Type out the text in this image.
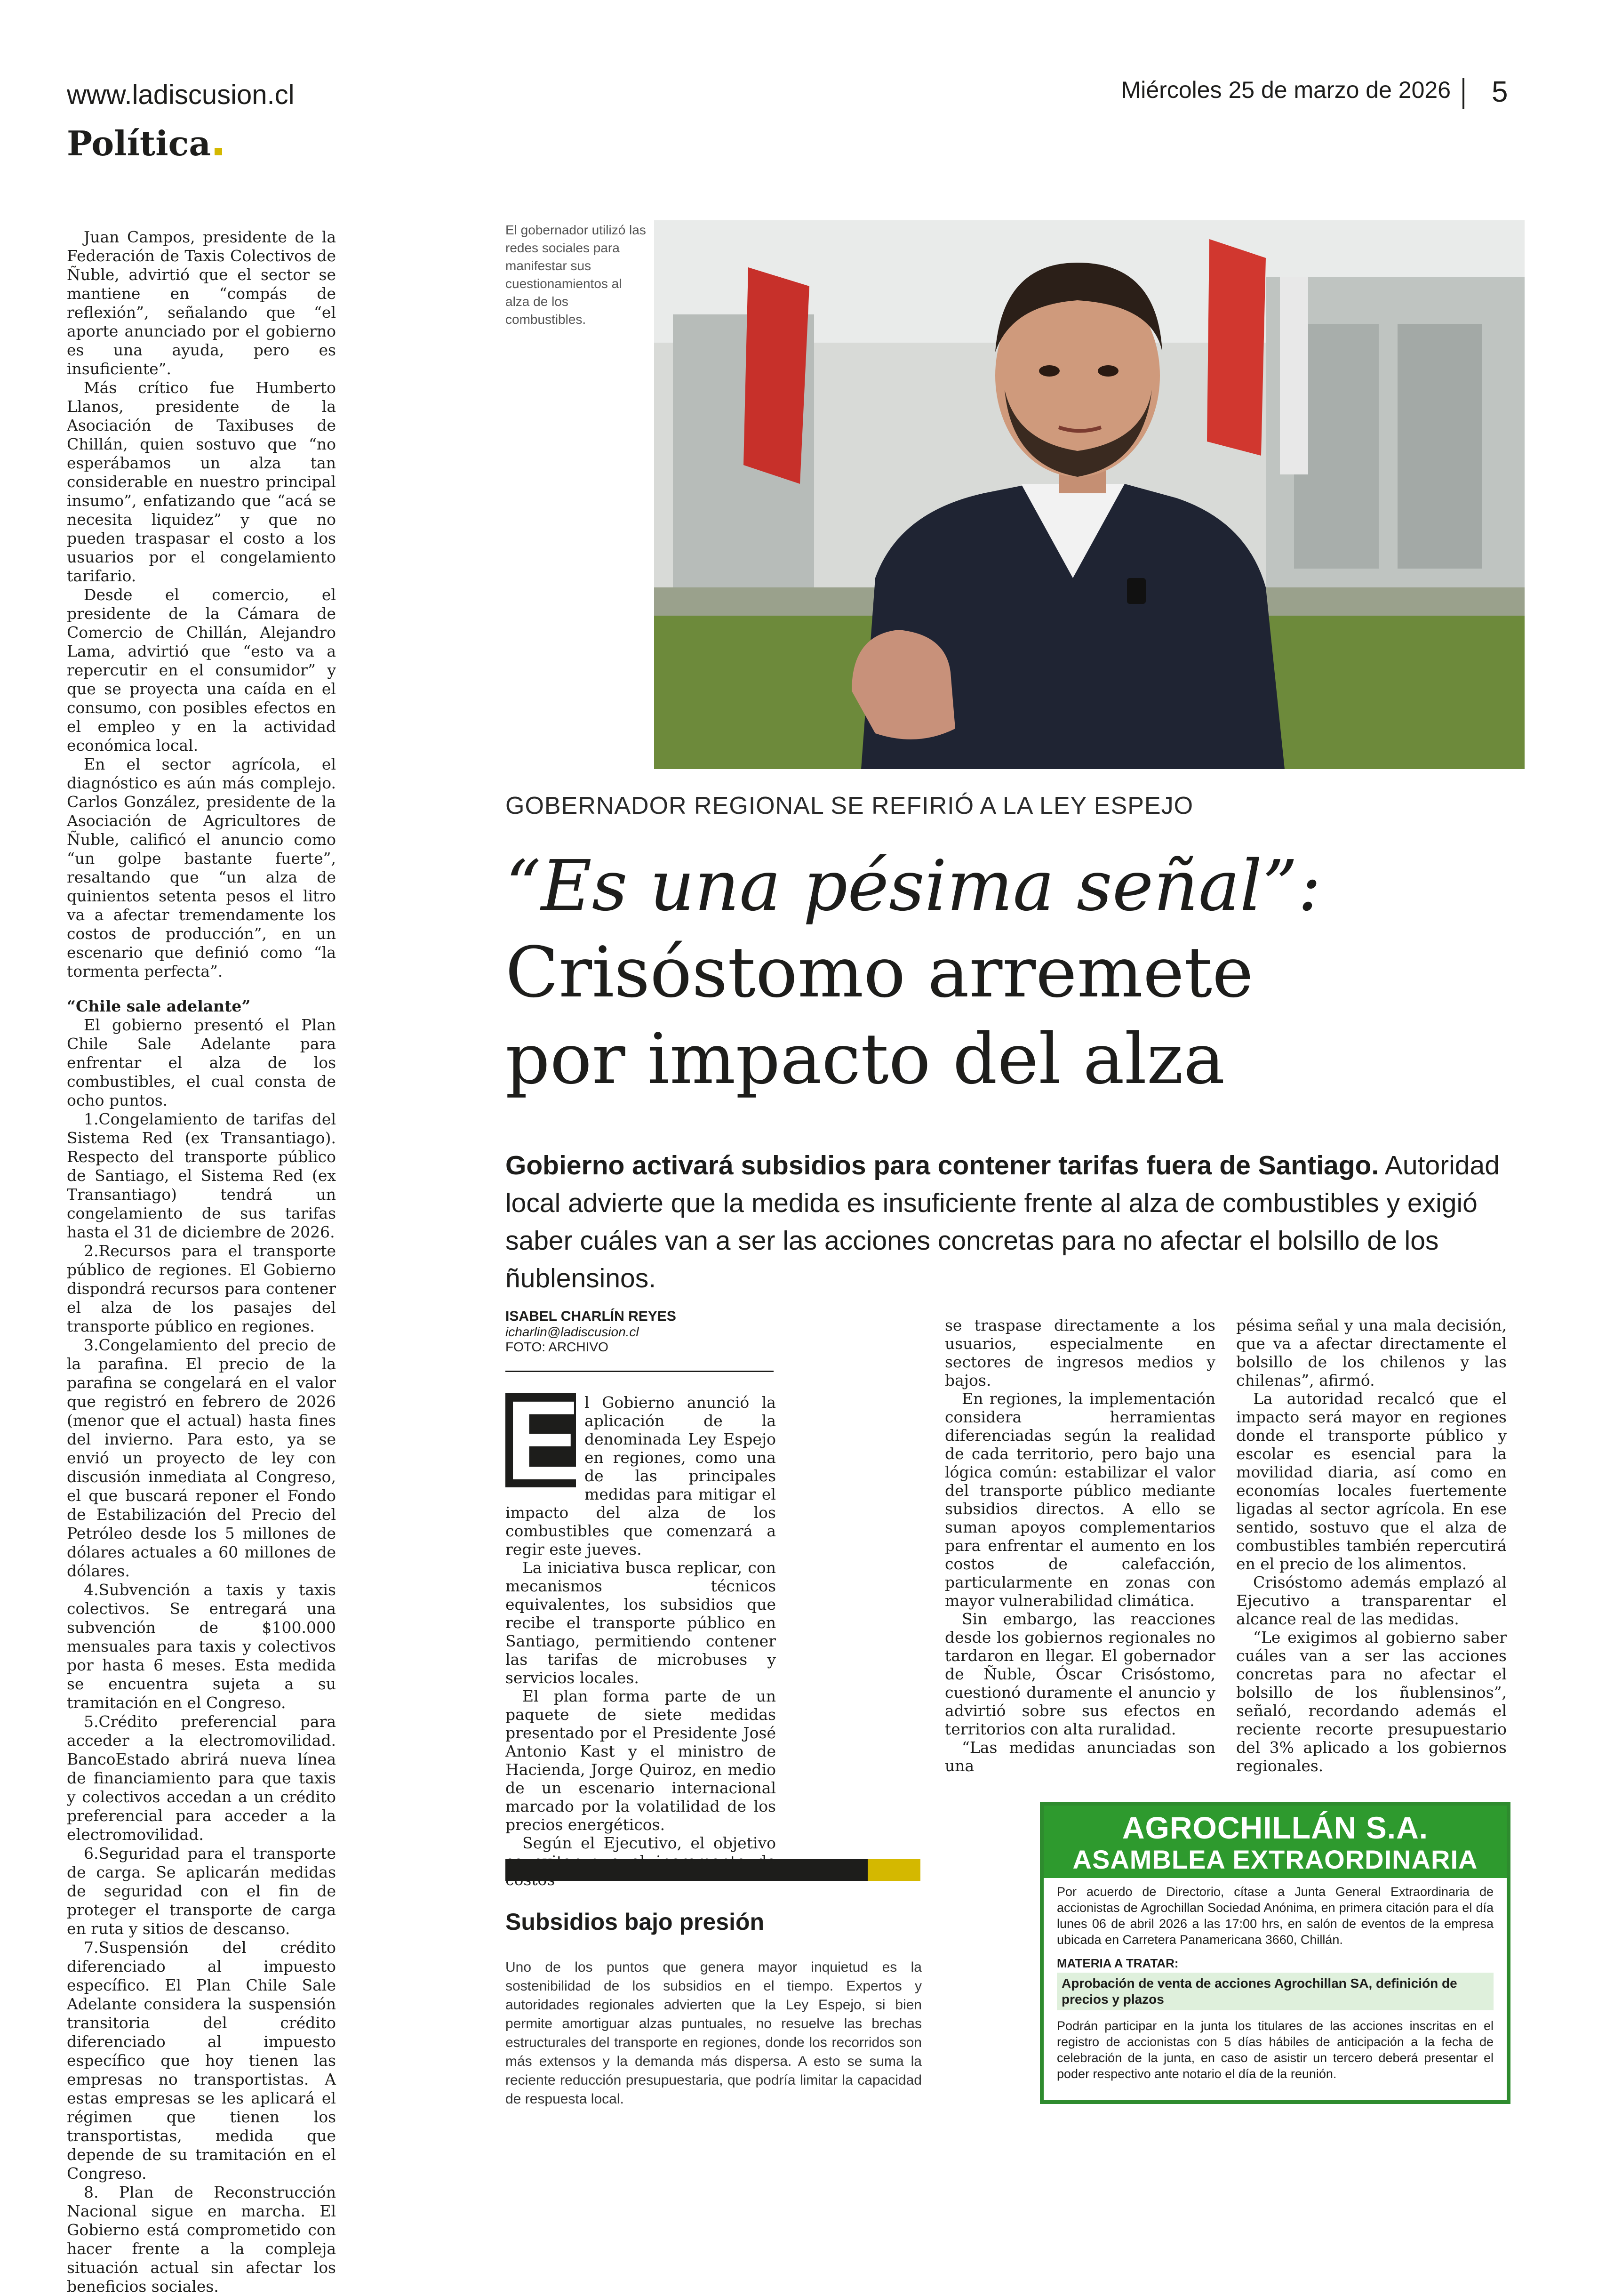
www.ladiscusion.cl	Miércoles 25 de marzo de 2026 5
Política

Juan Campos, presidente de la Federación de Taxis Colectivos de Ñuble, advirtió que el sector se mantiene en “compás de reflexión”, señalando que “el aporte anunciado por el gobierno es una ayuda, pero es insuficiente”.

Más crítico fue Humberto Llanos, presidente de la Asociación de Taxibuses de Chillán, quien sostuvo que “no esperábamos un alza tan considerable en nuestro principal insumo”, enfatizando que “acá se necesita liquidez” y que no pueden traspasar el costo a los usuarios por el congelamiento tarifario.

Desde el comercio, el presidente de la Cámara de Comercio de Chillán, Alejandro Lama, advirtió que “esto va a repercutir en el consumidor” y que se proyecta una caída en el consumo, con posibles efectos en el empleo y en la actividad económica local.

En el sector agrícola, el diagnóstico es aún más complejo. Carlos González, presidente de la Asociación de Agricultores de Ñuble, calificó el anuncio como “un golpe bastante fuerte”, resaltando que “un alza de quinientos setenta pesos el litro va a afectar tremendamente los costos de producción”, en un escenario que definió como “la tormenta perfecta”.

“Chile sale adelante”

El gobierno presentó el Plan Chile Sale Adelante para enfrentar el alza de los combustibles, el cual consta de ocho puntos.

1.Congelamiento de tarifas del Sistema Red (ex Transantiago). Respecto del transporte público de Santiago, el Sistema Red (ex Transantiago) tendrá un congelamiento de sus tarifas hasta el 31 de diciembre de 2026.

2.Recursos para el transporte público de regiones. El Gobierno dispondrá recursos para contener el alza de los pasajes del transporte público en regiones.

3.Congelamiento del precio de la parafina. El precio de la parafina se congelará en el valor que registró en febrero de 2026 (menor que el actual) hasta fines del invierno. Para esto, ya se envió un proyecto de ley con discusión inmediata al Congreso, el que buscará reponer el Fondo de Estabilización del Precio del Petróleo desde los 5 millones de dólares actuales a 60 millones de dólares.

4.Subvención a taxis y taxis colectivos. Se entregará una subvención de $100.000 mensuales para taxis y colectivos por hasta 6 meses. Esta medida se encuentra sujeta a su tramitación en el Congreso.

5.Crédito preferencial para acceder a la electromovilidad. BancoEstado abrirá nueva línea de financiamiento para que taxis y colectivos accedan a un crédito preferencial para acceder a la electromovilidad.

6.Seguridad para el transporte de carga. Se aplicarán medidas de seguridad con el fin de proteger el transporte de carga en ruta y sitios de descanso.

7.Suspensión del crédito diferenciado al impuesto específico. El Plan Chile Sale Adelante considera la suspensión transitoria del crédito diferenciado al impuesto específico que hoy tienen las empresas no transportistas. A estas empresas se les aplicará el régimen que tienen los transportistas, medida que depende de su tramitación en el Congreso.

8. Plan de Reconstrucción Nacional sigue en marcha. El Gobierno está comprometido con hacer frente a la compleja situación actual sin afectar los beneficios sociales.

El gobernador utilizó las redes sociales para manifestar sus cuestionamientos al alza de los combustibles.
GOBERNADOR REGIONAL SE REFIRIÓ A LA LEY ESPEJO
“Es una pésima señal”:
Crisóstomo arremete
por impacto del alza

Gobierno activará subsidios para contener tarifas fuera de Santiago. Autoridad local advierte que la medida es insuficiente frente al alza de combustibles y exigió saber cuáles van a ser las acciones concretas para no afectar el bolsillo de los ñublensinos.

ISABEL CHARLÍN REYES
icharlin@ladiscusion.cl
FOTO: ARCHIVO
E l Gobierno anunció la aplicación de la denominada Ley Espejo en regiones, como una de las principales medidas para mitigar el impacto del alza de los combustibles que comenzará a regir este jueves.

La iniciativa busca replicar, con mecanismos técnicos equivalentes, los subsidios que recibe el transporte público en Santiago, permitiendo contener las tarifas de microbuses y servicios locales.

El plan forma parte de un paquete de siete medidas presentado por el Presidente José Antonio Kast y el ministro de Hacienda, Jorge Quiroz, en medio de un escenario internacional marcado por la volatilidad de los precios energéticos.

Según el Ejecutivo, el objetivo

se traspase directamente a los usuarios, especialmente en sectores de ingresos medios y bajos.

En regiones, la implementación considera herramientas diferenciadas según la realidad de cada territorio, pero bajo una lógica común: estabilizar el valor del transporte público mediante subsidios directos. A ello se suman apoyos complementarios para enfrentar el aumento en los costos de calefacción, particularmente en zonas con mayor vulnerabilidad climática.

Sin embargo, las reacciones desde los gobiernos regionales no tardaron en llegar. El gobernador de Ñuble, Óscar Crisóstomo, cuestionó duramente el anuncio y advirtió sobre sus efectos en territorios con alta ruralidad.

“Las medidas anunciadas son una

pésima señal y una mala decisión, que va a afectar directamente el bolsillo de los chilenos y las chilenas”, afirmó.

La autoridad recalcó que el impacto será mayor en regiones donde el transporte público y escolar es esencial para la movilidad diaria, así como en economías locales fuertemente ligadas al sector agrícola. En ese sentido, sostuvo que el alza de combustibles también repercutirá en el precio de los alimentos.

Crisóstomo además emplazó al Ejecutivo a transparentar el alcance real de las medidas.

“Le exigimos al gobierno saber cuáles van a ser las acciones concretas para no afectar el bolsillo de los ñublensinos”, señaló, recordando además el reciente recorte presupuestario del 3% aplicado a los gobiernos regionales.

Subsidios bajo presión

Uno de los puntos que genera mayor inquietud es la sostenibilidad de los subsidios en el tiempo. Expertos y autoridades regionales advierten que la Ley Espejo, si bien permite amortiguar alzas puntuales, no resuelve las brechas estructurales del transporte en regiones, donde los recorridos son más extensos y la demanda más dispersa. A esto se suma la reciente reducción presupuestaria, que podría limitar la capacidad de respuesta local.

AGROCHILLÁN S.A.
ASAMBLEA EXTRAORDINARIA

Por acuerdo de Directorio, cítase a Junta General Extraordinaria de accionistas de Agrochillan Sociedad Anónima, en primera citación para el día lunes 06 de abril 2026 a las 17:00 hrs, en salón de eventos de la empresa ubicada en Carretera Panamericana 3660, Chillán.

MATERIA A TRATAR:
Aprobación de venta de acciones Agrochillan SA, definición de precios y plazos

Podrán participar en la junta los titulares de las acciones inscritas en el registro de accionistas con 5 días hábiles de anticipación a la fecha de celebración de la junta, en caso de asistir un tercero deberá presentar el poder respectivo ante notario el día de la reunión.
